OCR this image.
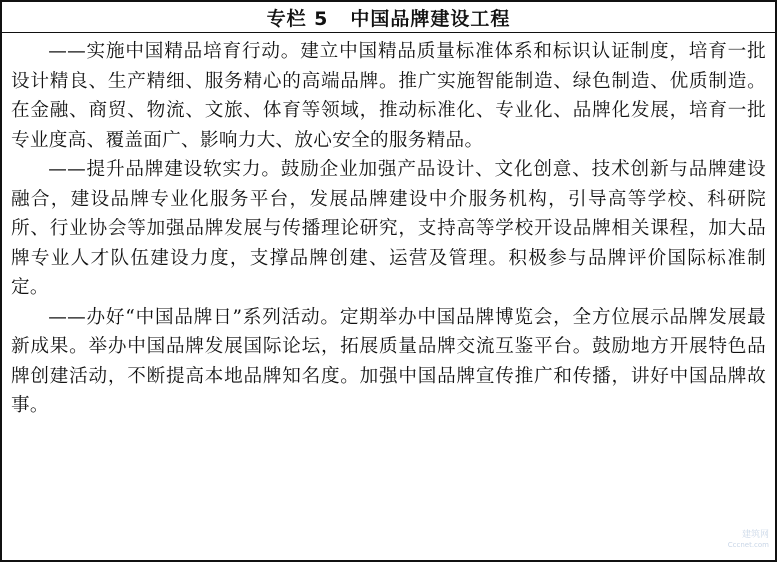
专栏 5 中国品牌建设工程

——实施中国精品培育行动。建立中国精品质量标准体系和标识认证制度，培育一批设计精良、生产精细、服务精心的高端品牌。推广实施智能制造、绿色制造、优质制造。在金融、商贸、物流、文旅、体育等领域，推动标准化、专业化、品牌化发展，培育一批专业度高、覆盖面广、影响力大、放心安全的服务精品。

——提升品牌建设软实力。鼓励企业加强产品设计、文化创意、技术创新与品牌建设融合，建设品牌专业化服务平台，发展品牌建设中介服务机构，引导高等学校、科研院所、行业协会等加强品牌发展与传播理论研究，支持高等学校开设品牌相关课程，加大品牌专业人才队伍建设力度，支撑品牌创建、运营及管理。积极参与品牌评价国际标准制定。

——办好“中国品牌日”系列活动。定期举办中国品牌博览会，全方位展示品牌发展最新成果。举办中国品牌发展国际论坛，拓展质量品牌交流互鉴平台。鼓励地方开展特色品牌创建活动，不断提高本地品牌知名度。加强中国品牌宣传推广和传播，讲好中国品牌故事。

建筑网
Cccnet.com
